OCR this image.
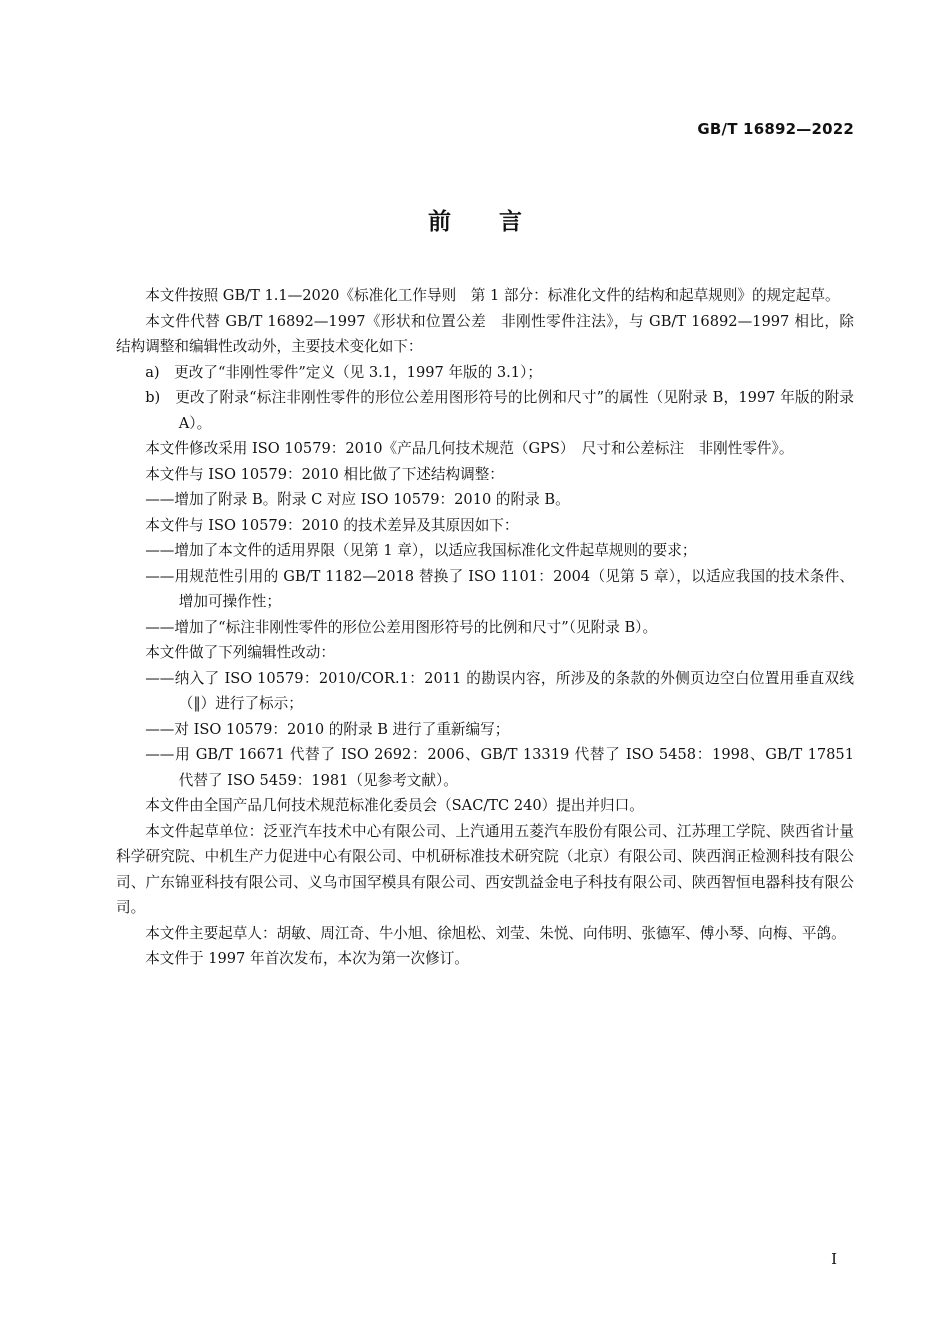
GB/T 16892—2022
前言

本文件按照 GB/T 1.1—2020《标准化工作导则　第 1 部分：标准化文件的结构和起草规则》的规定起草。

本文件代替 GB/T 16892—1997《形状和位置公差　非刚性零件注法》，与 GB/T 16892—1997 相比，除结构调整和编辑性改动外，主要技术变化如下：

a)　更改了“非刚性零件”定义（见 3.1，1997 年版的 3.1）；

b)　更改了附录“标注非刚性零件的形位公差用图形符号的比例和尺寸”的属性（见附录 B，1997 年版的附录 A）。

本文件修改采用 ISO 10579：2010《产品几何技术规范（GPS）　尺寸和公差标注　非刚性零件》。

本文件与 ISO 10579：2010 相比做了下述结构调整：

——增加了附录 B。附录 C 对应 ISO 10579：2010 的附录 B。

本文件与 ISO 10579：2010 的技术差异及其原因如下：

——增加了本文件的适用界限（见第 1 章），以适应我国标准化文件起草规则的要求；

——用规范性引用的 GB/T 1182—2018 替换了 ISO 1101：2004（见第 5 章），以适应我国的技术条件、增加可操作性；

——增加了“标注非刚性零件的形位公差用图形符号的比例和尺寸”（见附录 B）。

本文件做了下列编辑性改动：

——纳入了 ISO 10579：2010/COR.1：2011 的勘误内容，所涉及的条款的外侧页边空白位置用垂直双线（‖）进行了标示；

——对 ISO 10579：2010 的附录 B 进行了重新编写；

——用 GB/T 16671 代替了 ISO 2692：2006、GB/T 13319 代替了 ISO 5458：1998、GB/T 17851 代替了 ISO 5459：1981（见参考文献）。

本文件由全国产品几何技术规范标准化委员会（SAC/TC 240）提出并归口。

本文件起草单位：泛亚汽车技术中心有限公司、上汽通用五菱汽车股份有限公司、江苏理工学院、陕西省计量科学研究院、中机生产力促进中心有限公司、中机研标准技术研究院（北京）有限公司、陕西润正检测科技有限公司、广东锦亚科技有限公司、义乌市国罕模具有限公司、西安凯益金电子科技有限公司、陕西智恒电器科技有限公司。

本文件主要起草人：胡敏、周江奇、牛小旭、徐旭松、刘莹、朱悦、向伟明、张德军、傅小琴、向梅、平鸽。

本文件于 1997 年首次发布，本次为第一次修订。

I
